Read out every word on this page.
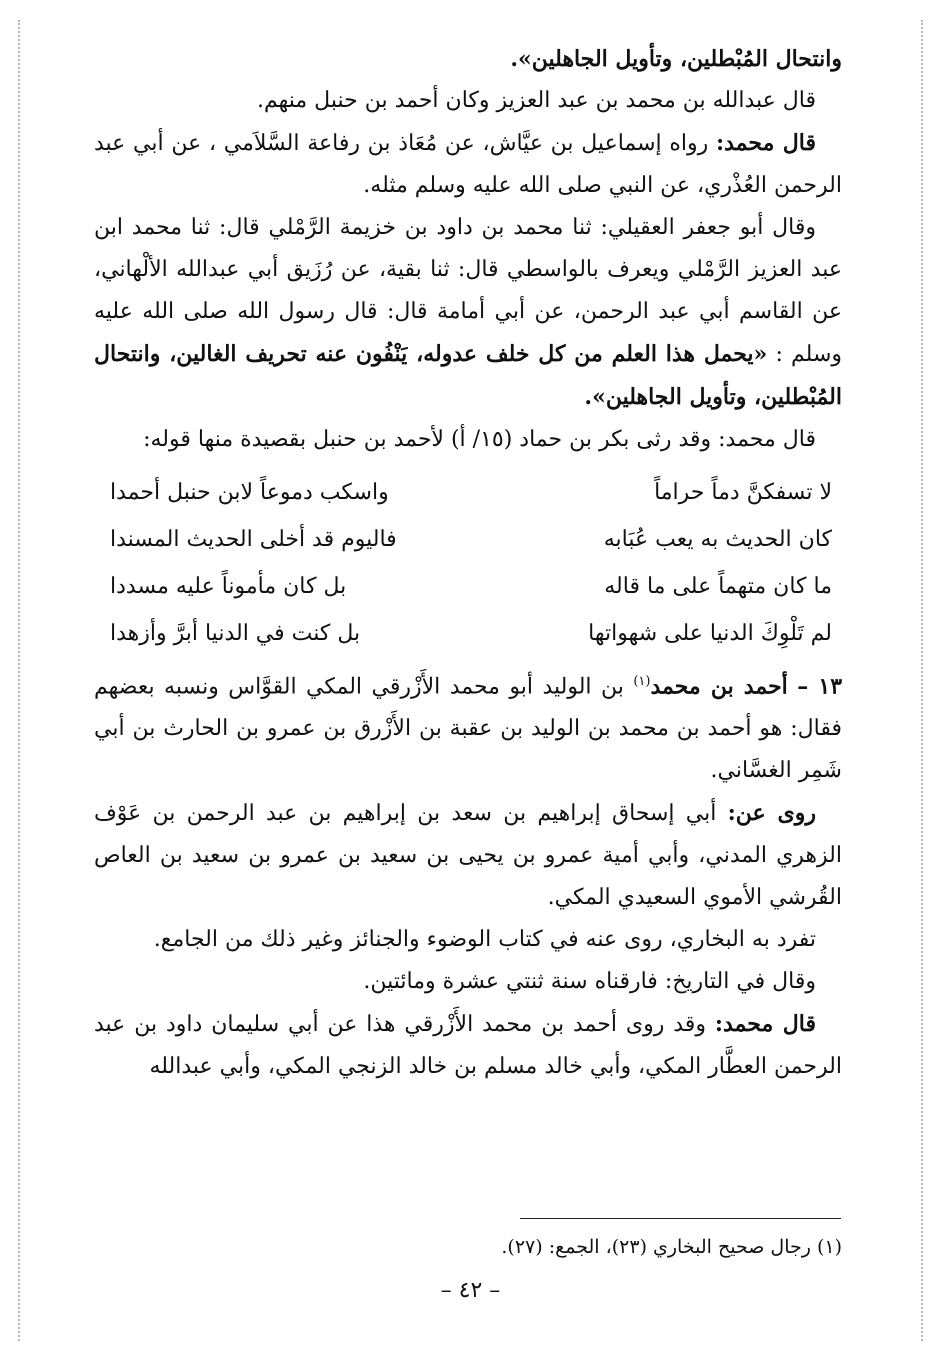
وانتحال المُبْطلين، وتأويل الجاهلين».

قال عبدالله بن محمد بن عبد العزيز وكان أحمد بن حنبل منهم.

قال محمد: رواه إسماعيل بن عيَّاش، عن مُعَاذ بن رفاعة السَّلاَمي ، عن أبي عبد الرحمن العُذْري، عن النبي صلى الله عليه وسلم مثله.

وقال أبو جعفر العقيلي: ثنا محمد بن داود بن خزيمة الرَّمْلي قال: ثنا محمد ابن عبد العزيز الرَّمْلي ويعرف بالواسطي قال: ثنا بقية، عن رُزَيق أبي عبدالله الألْهاني، عن القاسم أبي عبد الرحمن، عن أبي أمامة قال: قال رسول الله صلى الله عليه وسلم : «يحمل هذا العلم من كل خلف عدوله، يَنْفُون عنه تحريف الغالين، وانتحال المُبْطلين، وتأويل الجاهلين».

قال محمد: وقد رثى بكر بن حماد (١٥/ أ) لأحمد بن حنبل بقصيدة منها قوله:

لا تسفكنَّ دماً حراماً
واسكب دموعاً لابن حنبل أحمدا
كان الحديث به يعب عُبَابه
فاليوم قد أخلى الحديث المسندا
ما كان متهماً على ما قاله
بل كان مأموناً عليه مسددا
لم تَلْوِكَ الدنيا على شهواتها
بل كنت في الدنيا أبرَّ وأزهدا

١٣ – أحمد بن محمد$^{(١)}$ بن الوليد أبو محمد الأَزْرقي المكي القوَّاس ونسبه بعضهم فقال: هو أحمد بن محمد بن الوليد بن عقبة بن الأَزْرق بن عمرو بن الحارث بن أبي شَمِر الغسَّاني.

روى عن: أبي إسحاق إبراهيم بن سعد بن إبراهيم بن عبد الرحمن بن عَوْف الزهري المدني، وأبي أمية عمرو بن يحيى بن سعيد بن عمرو بن سعيد بن العاص القُرشي الأموي السعيدي المكي.

تفرد به البخاري، روى عنه في كتاب الوضوء والجنائز وغير ذلك من الجامع.

وقال في التاريخ: فارقناه سنة ثنتي عشرة ومائتين.

قال محمد: وقد روى أحمد بن محمد الأَزْرقي هذا عن أبي سليمان داود بن عبد الرحمن العطَّار المكي، وأبي خالد مسلم بن خالد الزنجي المكي، وأبي عبدالله

(١) رجال صحيح البخاري (٢٣)، الجمع: (٢٧).
– ٤٢ –
